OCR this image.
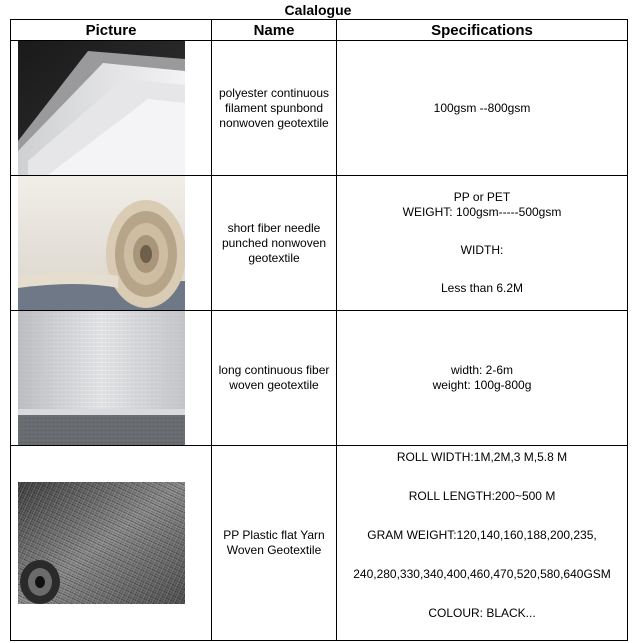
Calalogue
Picture	Name	Specifications

	polyester continuous filament spunbond nonwoven geotextile	100gsm --800gsm

	short fiber needle punched nonwoven geotextile	PP or PET

WEIGHT: 100gsm-----500gsm

WIDTH:

Less than 6.2M

	long continuous fiber woven geotextile	width: 2-6m

weight: 100g-800g

	PP Plastic flat Yarn Woven Geotextile	ROLL WIDTH:1M,2M,3 M,5.8 M

ROLL LENGTH:200~500 M

GRAM WEIGHT:120,140,160,188,200,235,

240,280,330,340,400,460,470,520,580,640GSM

COLOUR: BLACK...
